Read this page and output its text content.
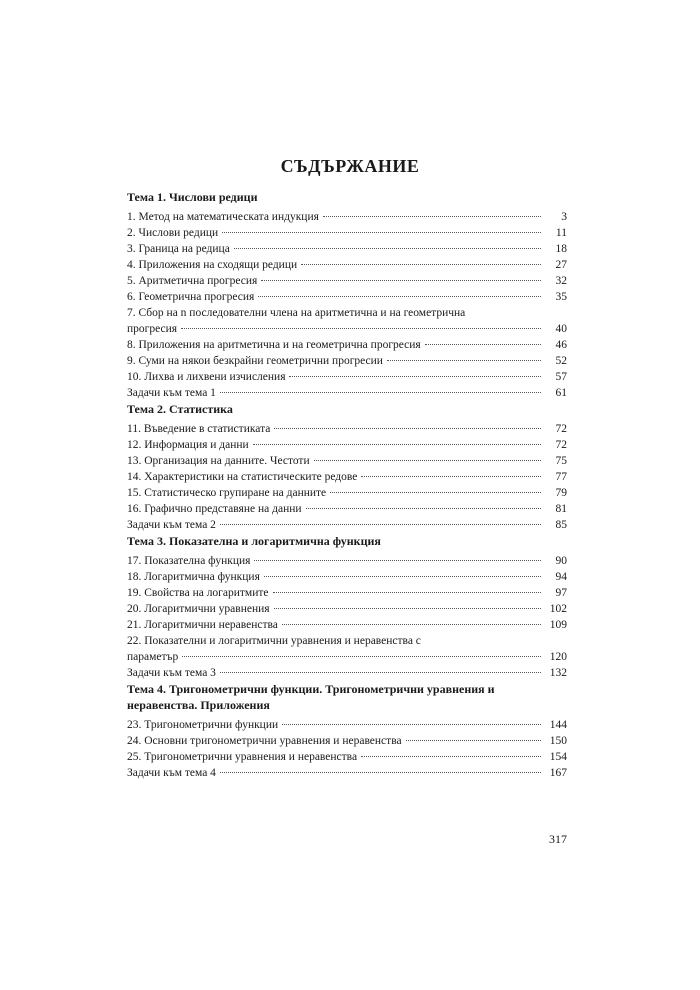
СЪДЪРЖАНИЕ
Тема 1. Числови редици
1. Метод на математическата индукция	3
2. Числови редици	11
3. Граница на редица	18
4. Приложения на сходящи редици	27
5. Аритметична прогресия	32
6. Геометрична прогресия	35
7. Сбор на n последователни члена на аритметична и на геометрична
прогресия	40
8. Приложения на аритметична и на геометрична прогресия	46
9. Суми на някои безкрайни геометрични прогресии	52
10. Лихва и лихвени изчисления	57
Задачи към тема 1	61
Тема 2. Статистика
11. Въведение в статистиката	72
12. Информация и данни	72
13. Организация на данните. Честоти	75
14. Характеристики на статистическите редове	77
15. Статистическо групиране на данните	79
16. Графично представяне на данни	81
Задачи към тема 2	85
Тема 3. Показателна и логаритмична функция
17. Показателна функция	90
18. Логаритмична функция	94
19. Свойства на логаритмите	97
20. Логаритмични уравнения	102
21. Логаритмични неравенства	109
22. Показателни и логаритмични уравнения и неравенства с
параметър	120
Задачи към тема 3	132
Тема 4. Тригонометрични функции. Тригонометрични уравнения и неравенства. Приложения
23. Тригонометрични функции	144
24. Основни тригонометрични уравнения и неравенства	150
25. Тригонометрични уравнения и неравенства	154
Задачи към тема 4	167
317
